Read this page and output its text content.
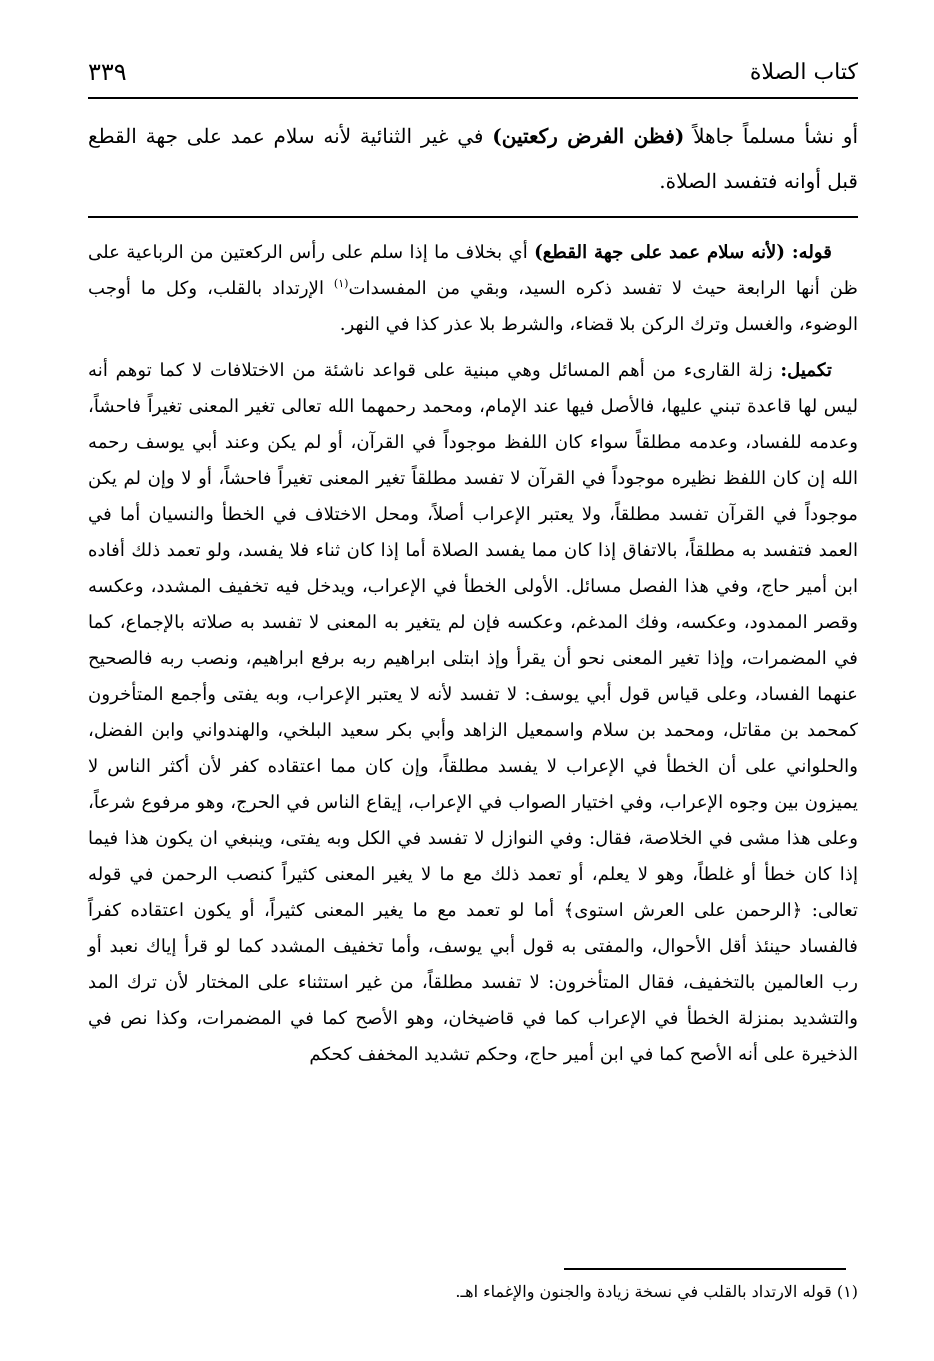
كتاب الصلاة
٣٣٩
أو نشأ مسلماً جاهلاً (فظن الفرض ركعتين) في غير الثنائية لأنه سلام عمد على جهة القطع قبل أوانه فتفسد الصلاة.

قوله: (لأنه سلام عمد على جهة القطع) أي بخلاف ما إذا سلم على رأس الركعتين من الرباعية على ظن أنها الرابعة حيث لا تفسد ذكره السيد، وبقي من المفسدات$^{(١)}$ الإرتداد بالقلب، وكل ما أوجب الوضوء، والغسل وترك الركن بلا قضاء، والشرط بلا عذر كذا في النهر.

تكميل: زلة القارىء من أهم المسائل وهي مبنية على قواعد ناشئة من الاختلافات لا كما توهم أنه ليس لها قاعدة تبني عليها، فالأصل فيها عند الإمام، ومحمد رحمهما الله تعالى تغير المعنى تغيراً فاحشاً، وعدمه للفساد، وعدمه مطلقاً سواء كان اللفظ موجوداً في القرآن، أو لم يكن وعند أبي يوسف رحمه الله إن كان اللفظ نظيره موجوداً في القرآن لا تفسد مطلقاً تغير المعنى تغيراً فاحشاً، أو لا وإن لم يكن موجوداً في القرآن تفسد مطلقاً، ولا يعتبر الإعراب أصلاً، ومحل الاختلاف في الخطأ والنسيان أما في العمد فتفسد به مطلقاً، بالاتفاق إذا كان مما يفسد الصلاة أما إذا كان ثناء فلا يفسد، ولو تعمد ذلك أفاده ابن أمير حاج، وفي هذا الفصل مسائل. الأولى الخطأ في الإعراب، ويدخل فيه تخفيف المشدد، وعكسه وقصر الممدود، وعكسه، وفك المدغم، وعكسه فإن لم يتغير به المعنى لا تفسد به صلاته بالإجماع، كما في المضمرات، وإذا تغير المعنى نحو أن يقرأ وإذ ابتلى ابراهيم ربه برفع ابراهيم، ونصب ربه فالصحيح عنهما الفساد، وعلى قياس قول أبي يوسف: لا تفسد لأنه لا يعتبر الإعراب، وبه يفتى وأجمع المتأخرون كمحمد بن مقاتل، ومحمد بن سلام واسمعيل الزاهد وأبي بكر سعيد البلخي، والهندواني وابن الفضل، والحلواني على أن الخطأ في الإعراب لا يفسد مطلقاً، وإن كان مما اعتقاده كفر لأن أكثر الناس لا يميزون بين وجوه الإعراب، وفي اختيار الصواب في الإعراب، إيقاع الناس في الحرج، وهو مرفوع شرعاً، وعلى هذا مشى في الخلاصة، فقال: وفي النوازل لا تفسد في الكل وبه يفتى، وينبغي ان يكون هذا فيما إذا كان خطأ أو غلطاً، وهو لا يعلم، أو تعمد ذلك مع ما لا يغير المعنى كثيراً كنصب الرحمن في قوله تعالى: ﴿الرحمن على العرش استوى﴾ أما لو تعمد مع ما يغير المعنى كثيراً، أو يكون اعتقاده كفراً فالفساد حينئذ أقل الأحوال، والمفتى به قول أبي يوسف، وأما تخفيف المشدد كما لو قرأ إياك نعبد أو رب العالمين بالتخفيف، فقال المتأخرون: لا تفسد مطلقاً، من غير استثناء على المختار لأن ترك المد والتشديد بمنزلة الخطأ في الإعراب كما في قاضيخان، وهو الأصح كما في المضمرات، وكذا نص في الذخيرة على أنه الأصح كما في ابن أمير حاج، وحكم تشديد المخفف كحكم

(١) قوله الارتداد بالقلب في نسخة زيادة والجنون والإغماء اهـ.
